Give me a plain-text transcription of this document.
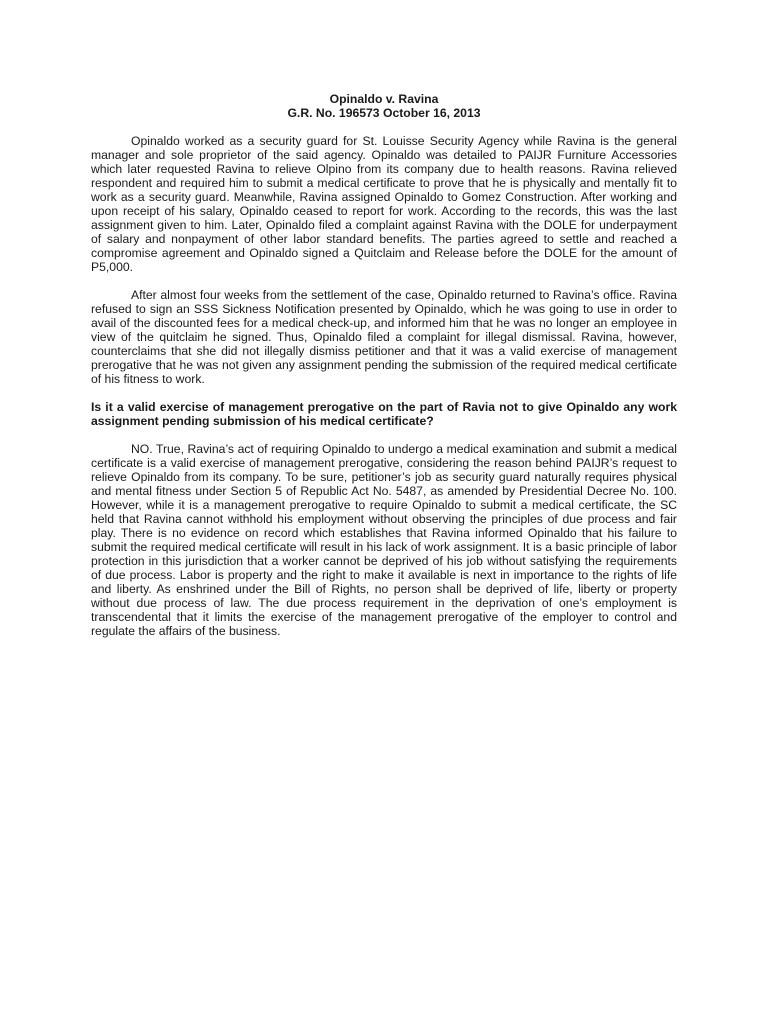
Opinaldo v. Ravina
G.R. No. 196573 October 16, 2013

Opinaldo worked as a security guard for St. Louisse Security Agency while Ravina is the general manager and sole proprietor of the said agency. Opinaldo was detailed to PAIJR Furniture Accessories which later requested Ravina to relieve Olpino from its company due to health reasons. Ravina relieved respondent and required him to submit a medical certificate to prove that he is physically and mentally fit to work as a security guard. Meanwhile, Ravina assigned Opinaldo to Gomez Construction. After working and upon receipt of his salary, Opinaldo ceased to report for work. According to the records, this was the last assignment given to him. Later, Opinaldo filed a complaint against Ravina with the DOLE for underpayment of salary and nonpayment of other labor standard benefits. The parties agreed to settle and reached a compromise agreement and Opinaldo signed a Quitclaim and Release before the DOLE for the amount of P5,000.

After almost four weeks from the settlement of the case, Opinaldo returned to Ravina’s office. Ravina refused to sign an SSS Sickness Notification presented by Opinaldo, which he was going to use in order to avail of the discounted fees for a medical check-up, and informed him that he was no longer an employee in view of the quitclaim he signed. Thus, Opinaldo filed a complaint for illegal dismissal. Ravina, however, counterclaims that she did not illegally dismiss petitioner and that it was a valid exercise of management prerogative that he was not given any assignment pending the submission of the required medical certificate of his fitness to work.

Is it a valid exercise of management prerogative on the part of Ravia not to give Opinaldo any work assignment pending submission of his medical certificate?

NO. True, Ravina’s act of requiring Opinaldo to undergo a medical examination and submit a medical certificate is a valid exercise of management prerogative, considering the reason behind PAIJR’s request to relieve Opinaldo from its company. To be sure, petitioner’s job as security guard naturally requires physical and mental fitness under Section 5 of Republic Act No. 5487, as amended by Presidential Decree No. 100. However, while it is a management prerogative to require Opinaldo to submit a medical certificate, the SC held that Ravina cannot withhold his employment without observing the principles of due process and fair play. There is no evidence on record which establishes that Ravina informed Opinaldo that his failure to submit the required medical certificate will result in his lack of work assignment. It is a basic principle of labor protection in this jurisdiction that a worker cannot be deprived of his job without satisfying the requirements of due process. Labor is property and the right to make it available is next in importance to the rights of life and liberty. As enshrined under the Bill of Rights, no person shall be deprived of life, liberty or property without due process of law. The due process requirement in the deprivation of one’s employment is transcendental that it limits the exercise of the management prerogative of the employer to control and regulate the affairs of the business.
